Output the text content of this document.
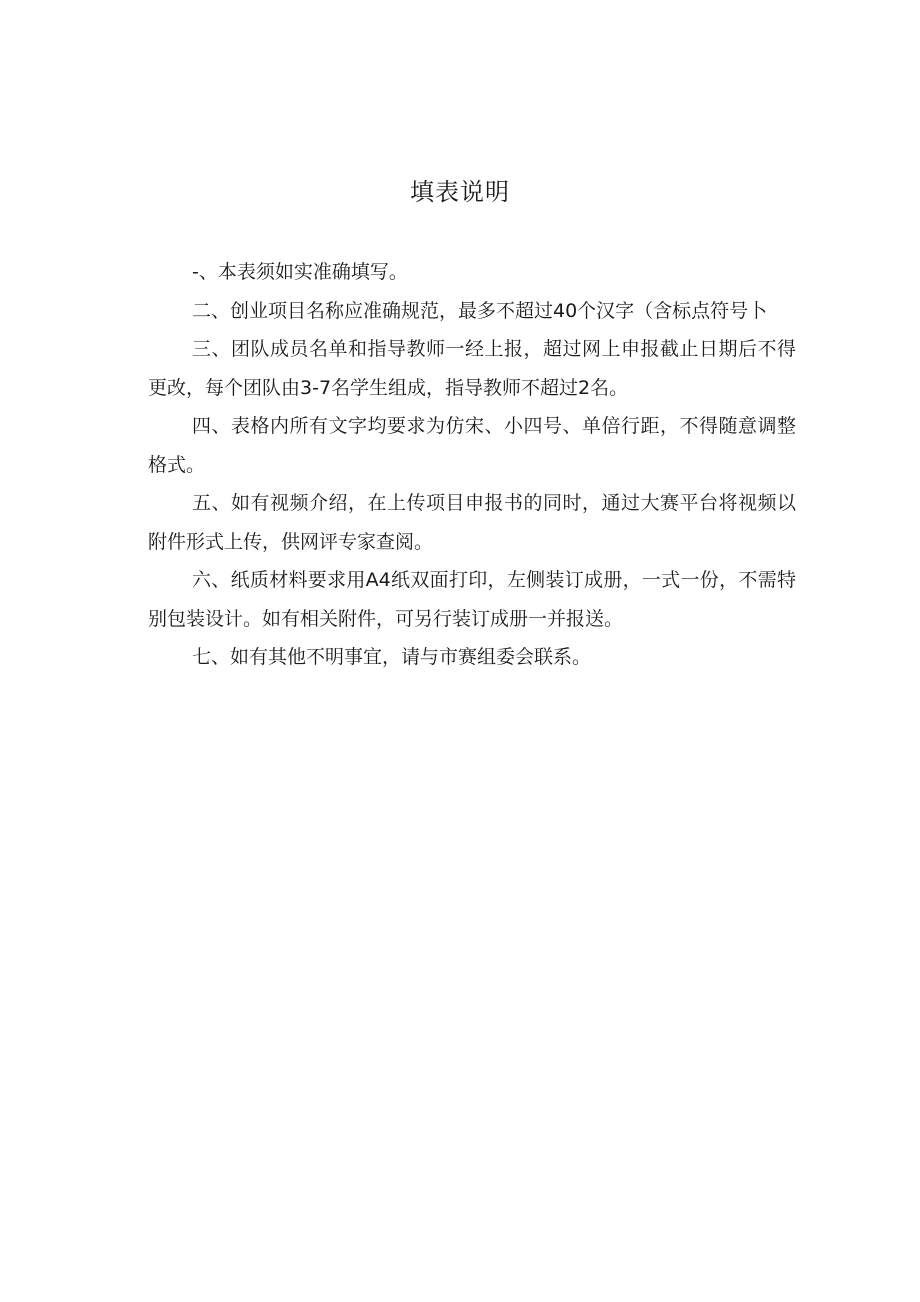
填表说明

-、本表须如实准确填写。

二、创业项目名称应准确规范，最多不超过40个汉字（含标点符号卜

三、团队成员名单和指导教师一经上报，超过网上申报截止日期后不得更改，每个团队由3-7名学生组成，指导教师不超过2名。

四、表格内所有文字均要求为仿宋、小四号、单倍行距，不得随意调整格式。

五、如有视频介绍，在上传项目申报书的同时，通过大赛平台将视频以附件形式上传，供网评专家查阅。

六、纸质材料要求用A4纸双面打印，左侧装订成册，一式一份，不需特别包装设计。如有相关附件，可另行装订成册一并报送。

七、如有其他不明事宜，请与市赛组委会联系。
